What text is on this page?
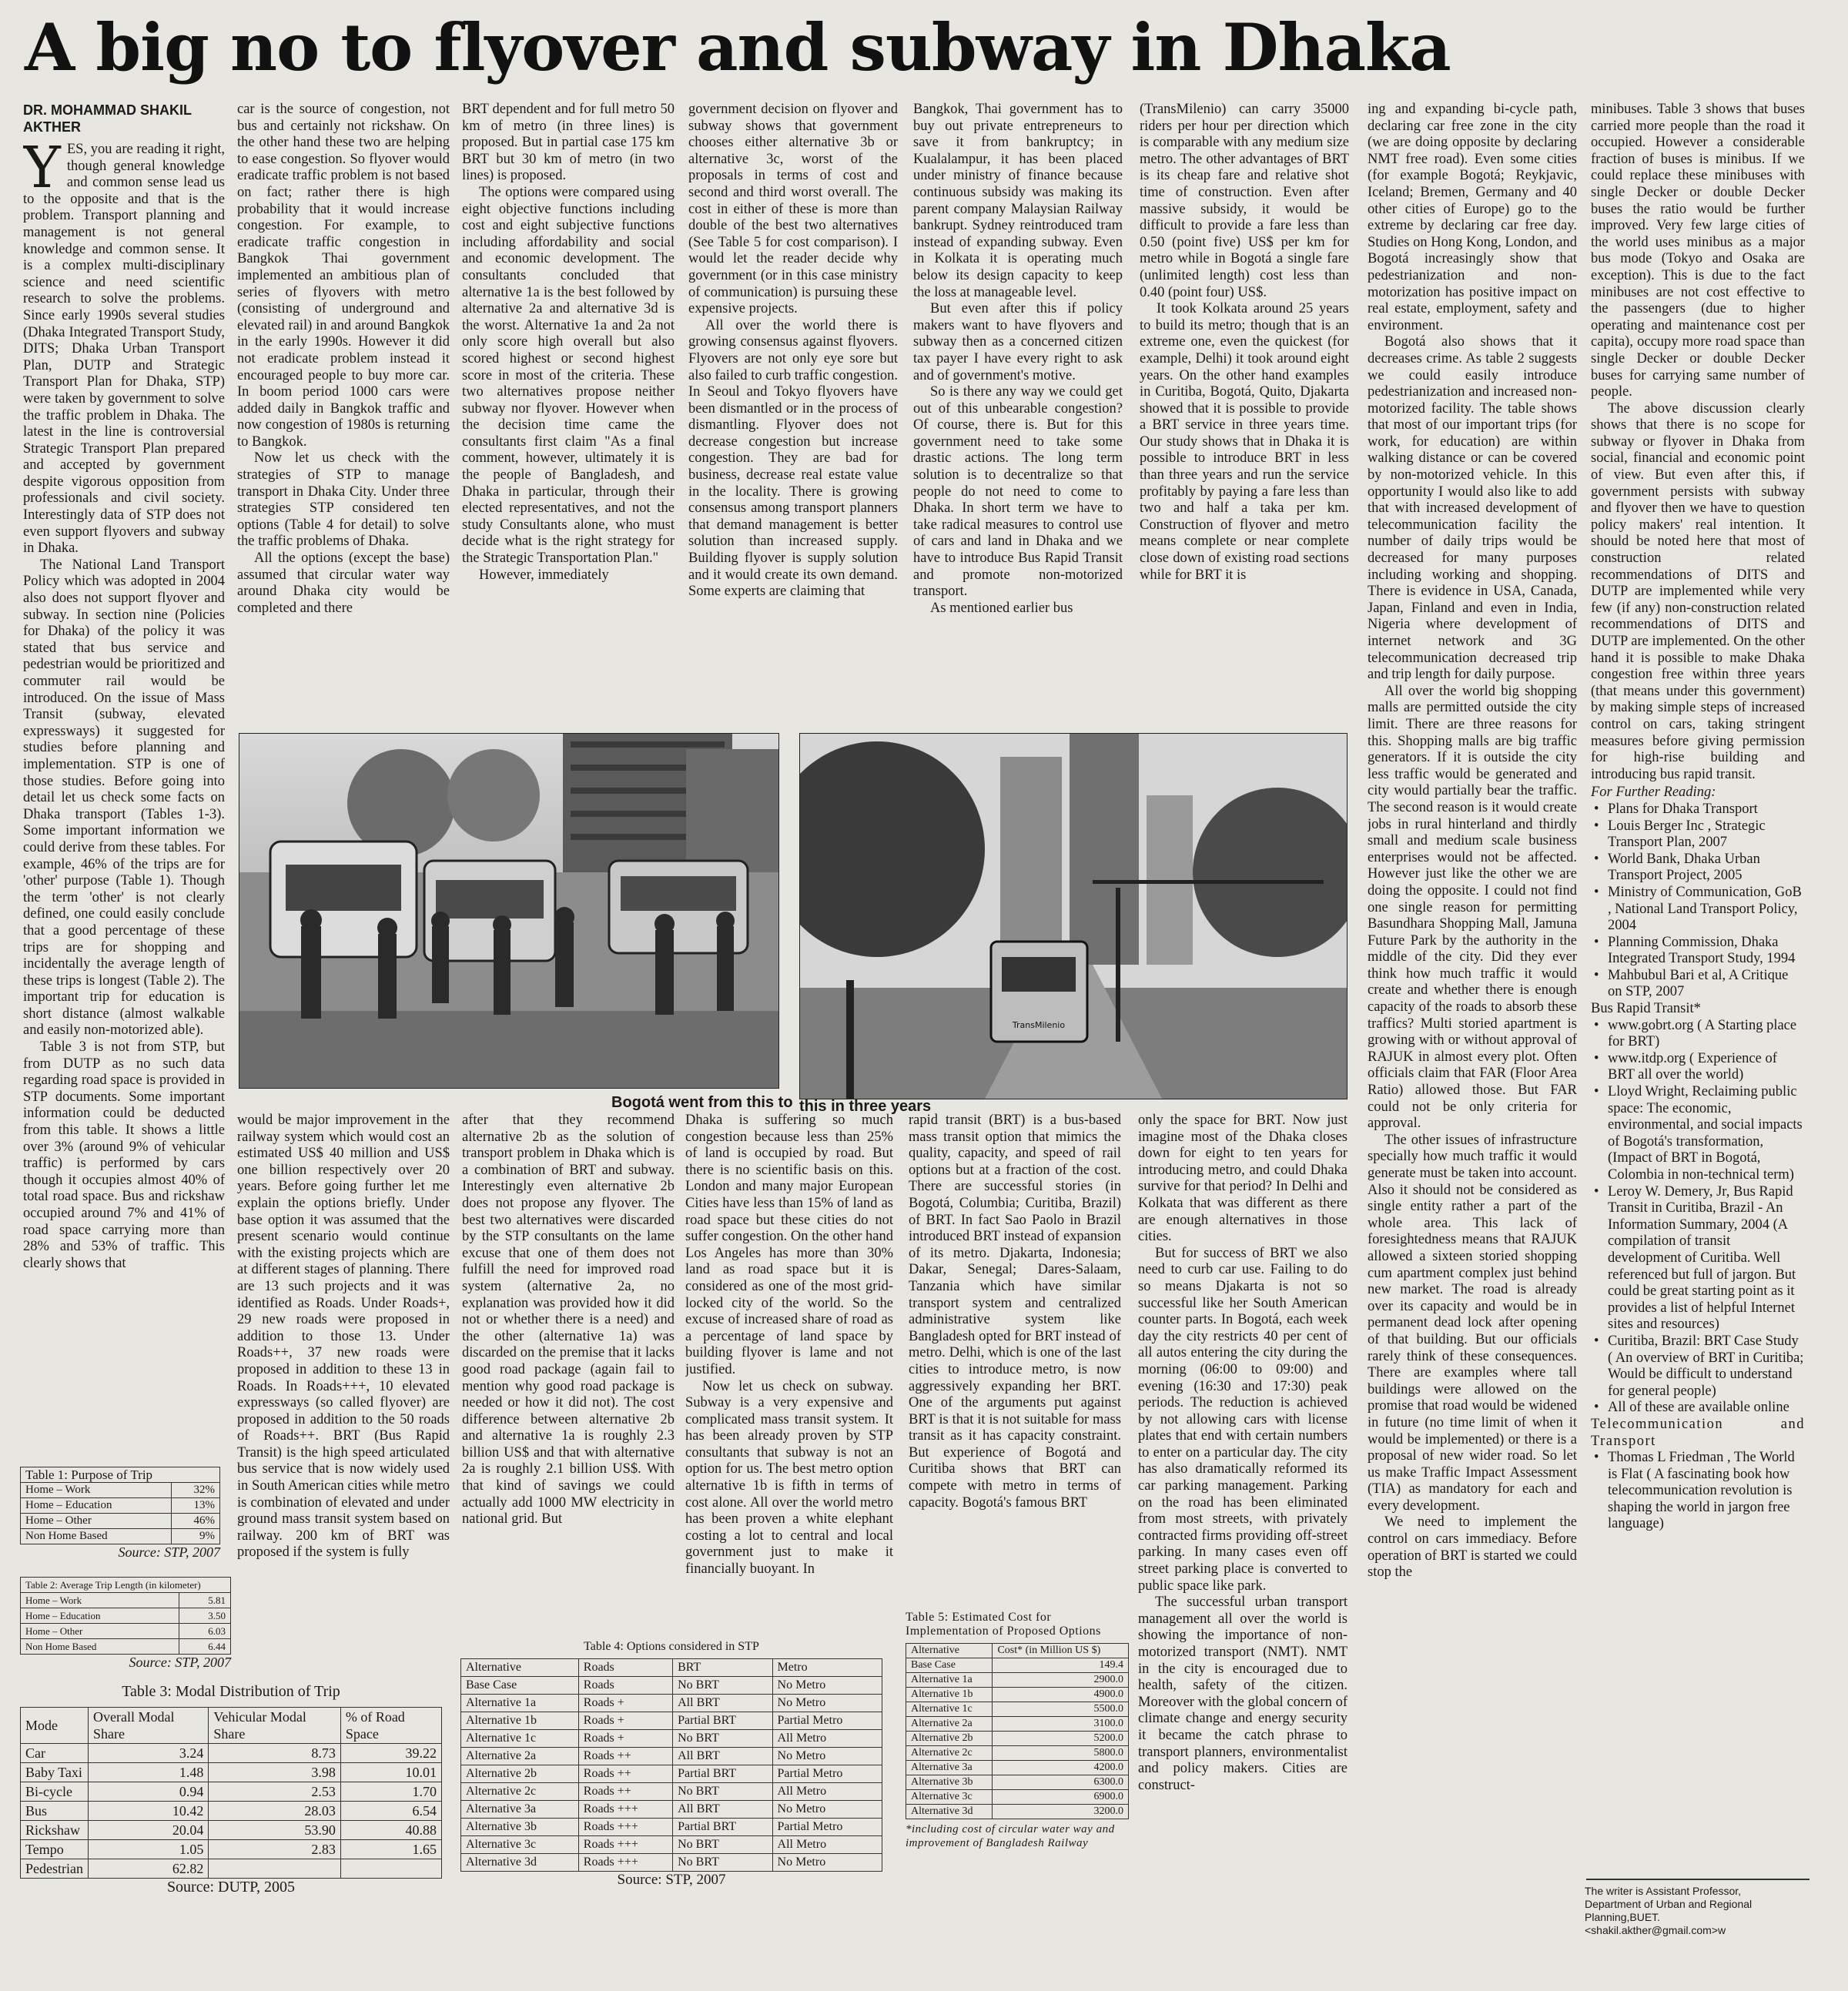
A big no to flyover and subway in Dhaka
DR. MOHAMMAD SHAKIL AKTHER

YES, you are reading it right, though general knowledge and common sense lead us to the opposite and that is the problem. Transport planning and management is not general knowledge and common sense. It is a complex multi-disciplinary science and need scientific research to solve the problems. Since early 1990s several studies (Dhaka Integrated Transport Study, DITS; Dhaka Urban Transport Plan, DUTP and Strategic Transport Plan for Dhaka, STP) were taken by government to solve the traffic problem in Dhaka. The latest in the line is controversial Strategic Transport Plan prepared and accepted by government despite vigorous opposition from professionals and civil society. Interestingly data of STP does not even support flyovers and subway in Dhaka.

The National Land Transport Policy which was adopted in 2004 also does not support flyover and subway. In section nine (Policies for Dhaka) of the policy it was stated that bus service and pedestrian would be prioritized and commuter rail would be introduced. On the issue of Mass Transit (subway, elevated expressways) it suggested for studies before planning and implementation. STP is one of those studies. Before going into detail let us check some facts on Dhaka transport (Tables 1-3). Some important information we could derive from these tables. For example, 46% of the trips are for 'other' purpose (Table 1). Though the term 'other' is not clearly defined, one could easily conclude that a good percentage of these trips are for shopping and incidentally the average length of these trips is longest (Table 2). The important trip for education is short distance (almost walkable and easily non-motorized able).

Table 3 is not from STP, but from DUTP as no such data regarding road space is provided in STP documents. Some important information could be deducted from this table. It shows a little over 3% (around 9% of vehicular traffic) is performed by cars though it occupies almost 40% of total road space. Bus and rickshaw occupied around 7% and 41% of road space carrying more than 28% and 53% of traffic. This clearly shows that

car is the source of congestion, not bus and certainly not rickshaw. On the other hand these two are helping to ease congestion. So flyover would eradicate traffic problem is not based on fact; rather there is high probability that it would increase congestion. For example, to eradicate traffic congestion in Bangkok Thai government implemented an ambitious plan of series of flyovers with metro (consisting of underground and elevated rail) in and around Bangkok in the early 1990s. However it did not eradicate problem instead it encouraged people to buy more car. In boom period 1000 cars were added daily in Bangkok traffic and now congestion of 1980s is returning to Bangkok.

Now let us check with the strategies of STP to manage transport in Dhaka City. Under three strategies STP considered ten options (Table 4 for detail) to solve the traffic problems of Dhaka.

All the options (except the base) assumed that circular water way around Dhaka city would be completed and there

BRT dependent and for full metro 50 km of metro (in three lines) is proposed. But in partial case 175 km BRT but 30 km of metro (in two lines) is proposed.

The options were compared using eight objective functions including cost and eight subjective functions including affordability and social and economic development. The consultants concluded that alternative 1a is the best followed by alternative 2a and alternative 3d is the worst. Alternative 1a and 2a not only score high overall but also scored highest or second highest score in most of the criteria. These two alternatives propose neither subway nor flyover. However when the decision time came the consultants first claim "As a final comment, however, ultimately it is the people of Bangladesh, and Dhaka in particular, through their elected representatives, and not the study Consultants alone, who must decide what is the right strategy for the Strategic Transportation Plan."

However, immediately

government decision on flyover and subway shows that government chooses either alternative 3b or alternative 3c, worst of the proposals in terms of cost and second and third worst overall. The cost in either of these is more than double of the best two alternatives (See Table 5 for cost comparison). I would let the reader decide why government (or in this case ministry of communication) is pursuing these expensive projects.

All over the world there is growing consensus against flyovers. Flyovers are not only eye sore but also failed to curb traffic congestion. In Seoul and Tokyo flyovers have been dismantled or in the process of dismantling. Flyover does not decrease congestion but increase congestion. They are bad for business, decrease real estate value in the locality. There is growing consensus among transport planners that demand management is better solution than increased supply. Building flyover is supply solution and it would create its own demand. Some experts are claiming that

Bangkok, Thai government has to buy out private entrepreneurs to save it from bankruptcy; in Kualalampur, it has been placed under ministry of finance because continuous subsidy was making its parent company Malaysian Railway bankrupt. Sydney reintroduced tram instead of expanding subway. Even in Kolkata it is operating much below its design capacity to keep the loss at manageable level.

But even after this if policy makers want to have flyovers and subway then as a concerned citizen tax payer I have every right to ask and of government's motive.

So is there any way we could get out of this unbearable congestion? Of course, there is. But for this government need to take some drastic actions. The long term solution is to decentralize so that people do not need to come to Dhaka. In short term we have to take radical measures to control use of cars and land in Dhaka and we have to introduce Bus Rapid Transit and promote non-motorized transport.

As mentioned earlier bus

(TransMilenio) can carry 35000 riders per hour per direction which is comparable with any medium size metro. The other advantages of BRT is its cheap fare and relative shot time of construction. Even after massive subsidy, it would be difficult to provide a fare less than 0.50 (point five) US$ per km for metro while in Bogotá a single fare (unlimited length) cost less than 0.40 (point four) US$.

It took Kolkata around 25 years to build its metro; though that is an extreme one, even the quickest (for example, Delhi) it took around eight years. On the other hand examples in Curitiba, Bogotá, Quito, Djakarta showed that it is possible to provide a BRT service in three years time. Our study shows that in Dhaka it is possible to introduce BRT in less than three years and run the service profitably by paying a fare less than two and half a taka per km. Construction of flyover and metro means complete or near complete close down of existing road sections while for BRT it is

ing and expanding bi-cycle path, declaring car free zone in the city (we are doing opposite by declaring NMT free road). Even some cities (for example Bogotá; Reykjavic, Iceland; Bremen, Germany and 40 other cities of Europe) go to the extreme by declaring car free day. Studies on Hong Kong, London, and Bogotá increasingly show that pedestrianization and non-motorization has positive impact on real estate, employment, safety and environment.

Bogotá also shows that it decreases crime. As table 2 suggests we could easily introduce pedestrianization and increased non-motorized facility. The table shows that most of our important trips (for work, for education) are within walking distance or can be covered by non-motorized vehicle. In this opportunity I would also like to add that with increased development of telecommunication facility the number of daily trips would be decreased for many purposes including working and shopping. There is evidence in USA, Canada, Japan, Finland and even in India, Nigeria where development of internet network and 3G telecommunication decreased trip and trip length for daily purpose.

All over the world big shopping malls are permitted outside the city limit. There are three reasons for this. Shopping malls are big traffic generators. If it is outside the city less traffic would be generated and city would partially bear the traffic. The second reason is it would create jobs in rural hinterland and thirdly small and medium scale business enterprises would not be affected. However just like the other we are doing the opposite. I could not find one single reason for permitting Basundhara Shopping Mall, Jamuna Future Park by the authority in the middle of the city. Did they ever think how much traffic it would create and whether there is enough capacity of the roads to absorb these traffics? Multi storied apartment is growing with or without approval of RAJUK in almost every plot. Often officials claim that FAR (Floor Area Ratio) allowed those. But FAR could not be only criteria for approval.

The other issues of infrastructure specially how much traffic it would generate must be taken into account. Also it should not be considered as single entity rather a part of the whole area. This lack of foresightedness means that RAJUK allowed a sixteen storied shopping cum apartment complex just behind new market. The road is already over its capacity and would be in permanent dead lock after opening of that building. But our officials rarely think of these consequences. There are examples where tall buildings were allowed on the promise that road would be widened in future (no time limit of when it would be implemented) or there is a proposal of new wider road. So let us make Traffic Impact Assessment (TIA) as mandatory for each and every development.

We need to implement the control on cars immediacy. Before operation of BRT is started we could stop the

minibuses. Table 3 shows that buses carried more people than the road it occupied. However a considerable fraction of buses is minibus. If we could replace these minibuses with single Decker or double Decker buses the ratio would be further improved. Very few large cities of the world uses minibus as a major bus mode (Tokyo and Osaka are exception). This is due to the fact minibuses are not cost effective to the passengers (due to higher operating and maintenance cost per capita), occupy more road space than single Decker or double Decker buses for carrying same number of people.

The above discussion clearly shows that there is no scope for subway or flyover in Dhaka from social, financial and economic point of view. But even after this, if government persists with subway and flyover then we have to question policy makers' real intention. It should be noted here that most of construction related recommendations of DITS and DUTP are implemented while very few (if any) non-construction related recommendations of DITS and DUTP are implemented. On the other hand it is possible to make Dhaka congestion free within three years (that means under this government) by making simple steps of increased control on cars, taking stringent measures before giving permission for high-rise building and introducing bus rapid transit.

For Further Reading:
• Plans for Dhaka Transport
• Louis Berger Inc , Strategic Transport Plan, 2007
• World Bank, Dhaka Urban Transport Project, 2005
• Ministry of Communication, GoB , National Land Transport Policy, 2004
• Planning Commission, Dhaka Integrated Transport Study, 1994
• Mahbubul Bari et al, A Critique on STP, 2007
Bus Rapid Transit*
• www.gobrt.org ( A Starting place for BRT)
• www.itdp.org ( Experience of BRT all over the world)
• Lloyd Wright, Reclaiming public space: The economic, environmental, and social impacts of Bogotá's transformation, (Impact of BRT in Bogotá, Colombia in non-technical term)
• Leroy W. Demery, Jr, Bus Rapid Transit in Curitiba, Brazil - An Information Summary, 2004 (A compilation of transit development of Curitiba. Well referenced but full of jargon. But could be great starting point as it provides a list of helpful Internet sites and resources)
• Curitiba, Brazil: BRT Case Study ( An overview of BRT in Curitiba; Would be difficult to understand for general people)
• All of these are available online
Telecommunication and Transport
• Thomas L Friedman , The World is Flat ( A fascinating book how telecommunication revolution is shaping the world in jargon free language)
The writer is Assistant Professor, Department of Urban and Regional Planning,BUET.
<shakil.akther@gmail.com>w
TransMilenio
Bogotá went from this to this in three years

would be major improvement in the railway system which would cost an estimated US$ 40 million and US$ one billion respectively over 20 years. Before going further let me explain the options briefly. Under base option it was assumed that the present scenario would continue with the existing projects which are at different stages of planning. There are 13 such projects and it was identified as Roads. Under Roads+, 29 new roads were proposed in addition to those 13. Under Roads++, 37 new roads were proposed in addition to these 13 in Roads. In Roads+++, 10 elevated expressways (so called flyover) are proposed in addition to the 50 roads of Roads++. BRT (Bus Rapid Transit) is the high speed articulated bus service that is now widely used in South American cities while metro is combination of elevated and under ground mass transit system based on railway. 200 km of BRT was proposed if the system is fully

after that they recommend alternative 2b as the solution of transport problem in Dhaka which is a combination of BRT and subway. Interestingly even alternative 2b does not propose any flyover. The best two alternatives were discarded by the STP consultants on the lame excuse that one of them does not fulfill the need for improved road system (alternative 2a, no explanation was provided how it did not or whether there is a need) and the other (alternative 1a) was discarded on the premise that it lacks good road package (again fail to mention why good road package is needed or how it did not). The cost difference between alternative 2b and alternative 1a is roughly 2.3 billion US$ and that with alternative 2a is roughly 2.1 billion US$. With that kind of savings we could actually add 1000 MW electricity in national grid. But

Dhaka is suffering so much congestion because less than 25% of land is occupied by road. But there is no scientific basis on this. London and many major European Cities have less than 15% of land as road space but these cities do not suffer congestion. On the other hand Los Angeles has more than 30% land as road space but it is considered as one of the most grid-locked city of the world. So the excuse of increased share of road as a percentage of land space by building flyover is lame and not justified.

Now let us check on subway. Subway is a very expensive and complicated mass transit system. It has been already proven by STP consultants that subway is not an option for us. The best metro option alternative 1b is fifth in terms of cost alone. All over the world metro has been proven a white elephant costing a lot to central and local government just to make it financially buoyant. In

rapid transit (BRT) is a bus-based mass transit option that mimics the quality, capacity, and speed of rail options but at a fraction of the cost. There are successful stories (in Bogotá, Columbia; Curitiba, Brazil) of BRT. In fact Sao Paolo in Brazil introduced BRT instead of expansion of its metro. Djakarta, Indonesia; Dakar, Senegal; Dares-Salaam, Tanzania which have similar transport system and centralized administrative system like Bangladesh opted for BRT instead of metro. Delhi, which is one of the last cities to introduce metro, is now aggressively expanding her BRT. One of the arguments put against BRT is that it is not suitable for mass transit as it has capacity constraint. But experience of Bogotá and Curitiba shows that BRT can compete with metro in terms of capacity. Bogotá's famous BRT

only the space for BRT. Now just imagine most of the Dhaka closes down for eight to ten years for introducing metro, and could Dhaka survive for that period? In Delhi and Kolkata that was different as there are enough alternatives in those cities.

But for success of BRT we also need to curb car use. Failing to do so means Djakarta is not so successful like her South American counter parts. In Bogotá, each week day the city restricts 40 per cent of all autos entering the city during the morning (06:00 to 09:00) and evening (16:30 and 17:30) peak periods. The reduction is achieved by not allowing cars with license plates that end with certain numbers to enter on a particular day. The city has also dramatically reformed its car parking management. Parking on the road has been eliminated from most streets, with privately contracted firms providing off-street parking. In many cases even off street parking place is converted to public space like park.

The successful urban transport management all over the world is showing the importance of non-motorized transport (NMT). NMT in the city is encouraged due to health, safety of the citizen. Moreover with the global concern of climate change and energy security it became the catch phrase to transport planners, environmentalist and policy makers. Cities are construct-

Table 1: Purpose of Trip	
Home – Work	32%
Home – Education	13%
Home – Other	46%
Non Home Based	9%
Source: STP, 2007
Table 2: Average Trip Length (in kilometer)	
Home – Work	5.81
Home – Education	3.50
Home – Other	6.03
Non Home Based	6.44
Source: STP, 2007
Table 3: Modal Distribution of Trip
Mode	Overall Modal Share	Vehicular Modal Share	% of Road Space
Car	3.24	8.73	39.22
Baby Taxi	1.48	3.98	10.01
Bi-cycle	0.94	2.53	1.70
Bus	10.42	28.03	6.54
Rickshaw	20.04	53.90	40.88
Tempo	1.05	2.83	1.65
Pedestrian	62.82		
Source: DUTP, 2005
Table 4: Options considered in STP
Alternative	Roads	BRT	Metro
Base Case	Roads	No BRT	No Metro
Alternative 1a	Roads +	All BRT	No Metro
Alternative 1b	Roads +	Partial BRT	Partial Metro
Alternative 1c	Roads +	No BRT	All Metro
Alternative 2a	Roads ++	All BRT	No Metro
Alternative 2b	Roads ++	Partial BRT	Partial Metro
Alternative 2c	Roads ++	No BRT	All Metro
Alternative 3a	Roads +++	All BRT	No Metro
Alternative 3b	Roads +++	Partial BRT	Partial Metro
Alternative 3c	Roads +++	No BRT	All Metro
Alternative 3d	Roads +++	No BRT	No Metro
Source: STP, 2007
Table 5: Estimated Cost for Implementation of Proposed Options
Alternative	Cost* (in Million US $)
Base Case	149.4
Alternative 1a	2900.0
Alternative 1b	4900.0
Alternative 1c	5500.0
Alternative 2a	3100.0
Alternative 2b	5200.0
Alternative 2c	5800.0
Alternative 3a	4200.0
Alternative 3b	6300.0
Alternative 3c	6900.0
Alternative 3d	3200.0
*including cost of circular water way and improvement of Bangladesh Railway
